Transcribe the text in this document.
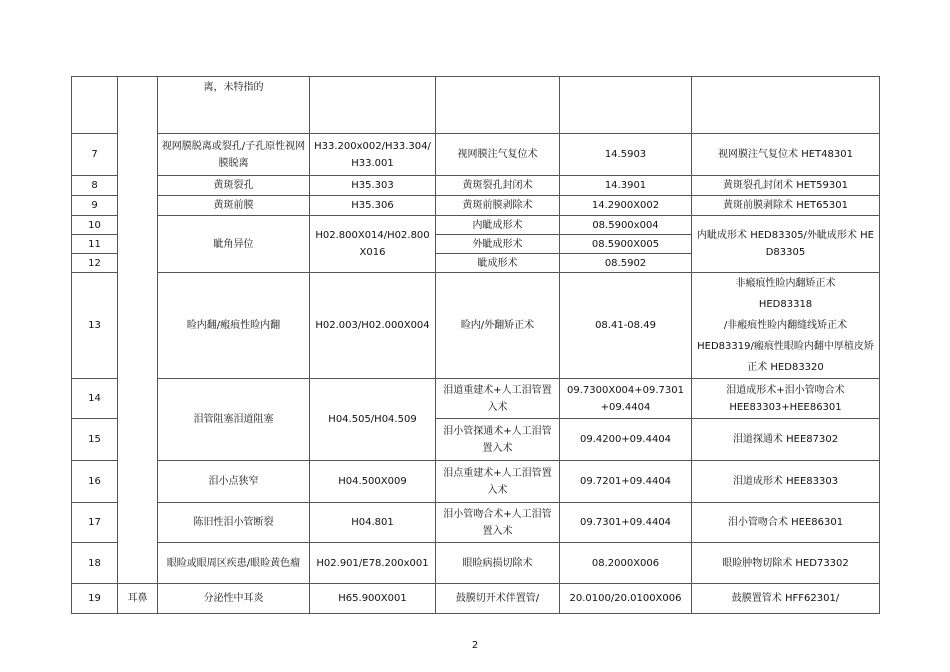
		离，未特指的				
7		视网膜脱离或裂孔/子孔原性视网膜脱离	H33.200x002/H33.304/H33.001	视网膜注气复位术	14.5903	视网膜注气复位术 HET48301
8		黄斑裂孔	H35.303	黄斑裂孔封闭术	14.3901	黄斑裂孔封闭术 HET59301
9		黄斑前膜	H35.306	黄斑前膜剥除术	14.2900X002	黄斑前膜剥除术 HET65301
10		眦角异位	H02.800X014/H02.800X016	内眦成形术	08.5900x004	内眦成形术 HED83305/外眦成形术 HED83305
11				外眦成形术	08.5900X005	
12				眦成形术	08.5902	
13		睑内翻/瘢痕性睑内翻	H02.003/H02.000X004	睑内/外翻矫正术	08.41-08.49	非瘢痕性睑内翻矫正术
HED83318
/非瘢痕性睑内翻缝线矫正术
HED83319/瘢痕性眼睑内翻中厚植皮矫正术 HED83320
14		泪管阻塞泪道阻塞	H04.505/H04.509	泪道重建术+人工泪管置入术	09.7300X004+09.7301+09.4404	泪道成形术+泪小管吻合术
HEE83303+HEE86301
15				泪小管探通术+人工泪管置入术	09.4200+09.4404	泪道探通术 HEE87302
16		泪小点狭窄	H04.500X009	泪点重建术+人工泪管置入术	09.7201+09.4404	泪道成形术 HEE83303
17		陈旧性泪小管断裂	H04.801	泪小管吻合术+人工泪管置入术	09.7301+09.4404	泪小管吻合术 HEE86301
18		眼睑或眼周区疾患/眼睑黄色瘤	H02.901/E78.200x001	眼睑病损切除术	08.2000X006	眼睑肿物切除术 HED73302
19	耳鼻	分泌性中耳炎	H65.900X001	鼓膜切开术伴置管/	20.0100/20.0100X006	鼓膜置管术 HFF62301/
2
